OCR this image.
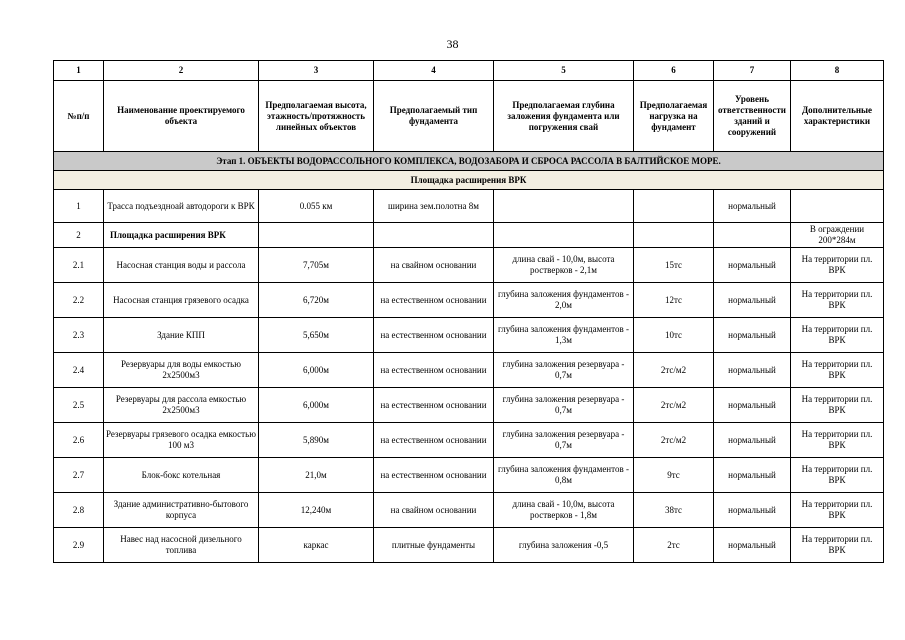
38
1	2	3	4	5	6	7	8
№п/п	Наименование проектируемого объекта	Предполагаемая высота, этажность/протяжность линейных объектов	Предполагаемый тип фундамента	Предполагаемая глубина заложения фундамента или погружения свай	Предполагаемая нагрузка на фундамент	Уровень ответственности зданий и сооружений	Дополнительные характеристики
Этап 1. ОБЪЕКТЫ ВОДОРАССОЛЬНОГО КОМПЛЕКСА, ВОДОЗАБОРА И СБРОСА РАССОЛА В БАЛТИЙСКОЕ МОРЕ.							
Площадка расширения ВРК							
1	Трасса подъездноай автодороги к ВРК	0.055 км	ширина зем.полотна 8м			нормальный	
2	Площадка расширения ВРК						В ограждении 200*284м
2.1	Насосная станция воды и рассола	7,705м	на свайном основании	длина свай - 10,0м, высота ростверков - 2,1м	15тс	нормальный	На территории пл. ВРК
2.2	Насосная станция грязевого осадка	6,720м	на естественном основании	глубина заложения фундаментов - 2,0м	12тс	нормальный	На территории пл. ВРК
2.3	Здание КПП	5,650м	на естественном основании	глубина заложения фундаментов - 1,3м	10тс	нормальный	На территории пл. ВРК
2.4	Резервуары для воды емкостью 2х2500м3	6,000м	на естественном основании	глубина заложения резервуара - 0,7м	2тс/м2	нормальный	На территории пл. ВРК
2.5	Резервуары для рассола емкостью 2х2500м3	6,000м	на естественном основании	глубина заложения резервуара - 0,7м	2тс/м2	нормальный	На территории пл. ВРК
2.6	Резервуары грязевого осадка емкостью 100 м3	5,890м	на естественном основании	глубина заложения резервуара - 0,7м	2тс/м2	нормальный	На территории пл. ВРК
2.7	Блок-бокс котельная	21,0м	на естественном основании	глубина заложения фундаментов - 0,8м	9тс	нормальный	На территории пл. ВРК
2.8	Здание административно-бытового корпуса	12,240м	на свайном основании	длина свай - 10,0м, высота ростверков - 1,8м	38тс	нормальный	На территории пл. ВРК
2.9	Навес над насосной дизельного топлива	каркас	плитные фундаменты	глубина заложения -0,5	2тс	нормальный	На территории пл. ВРК
